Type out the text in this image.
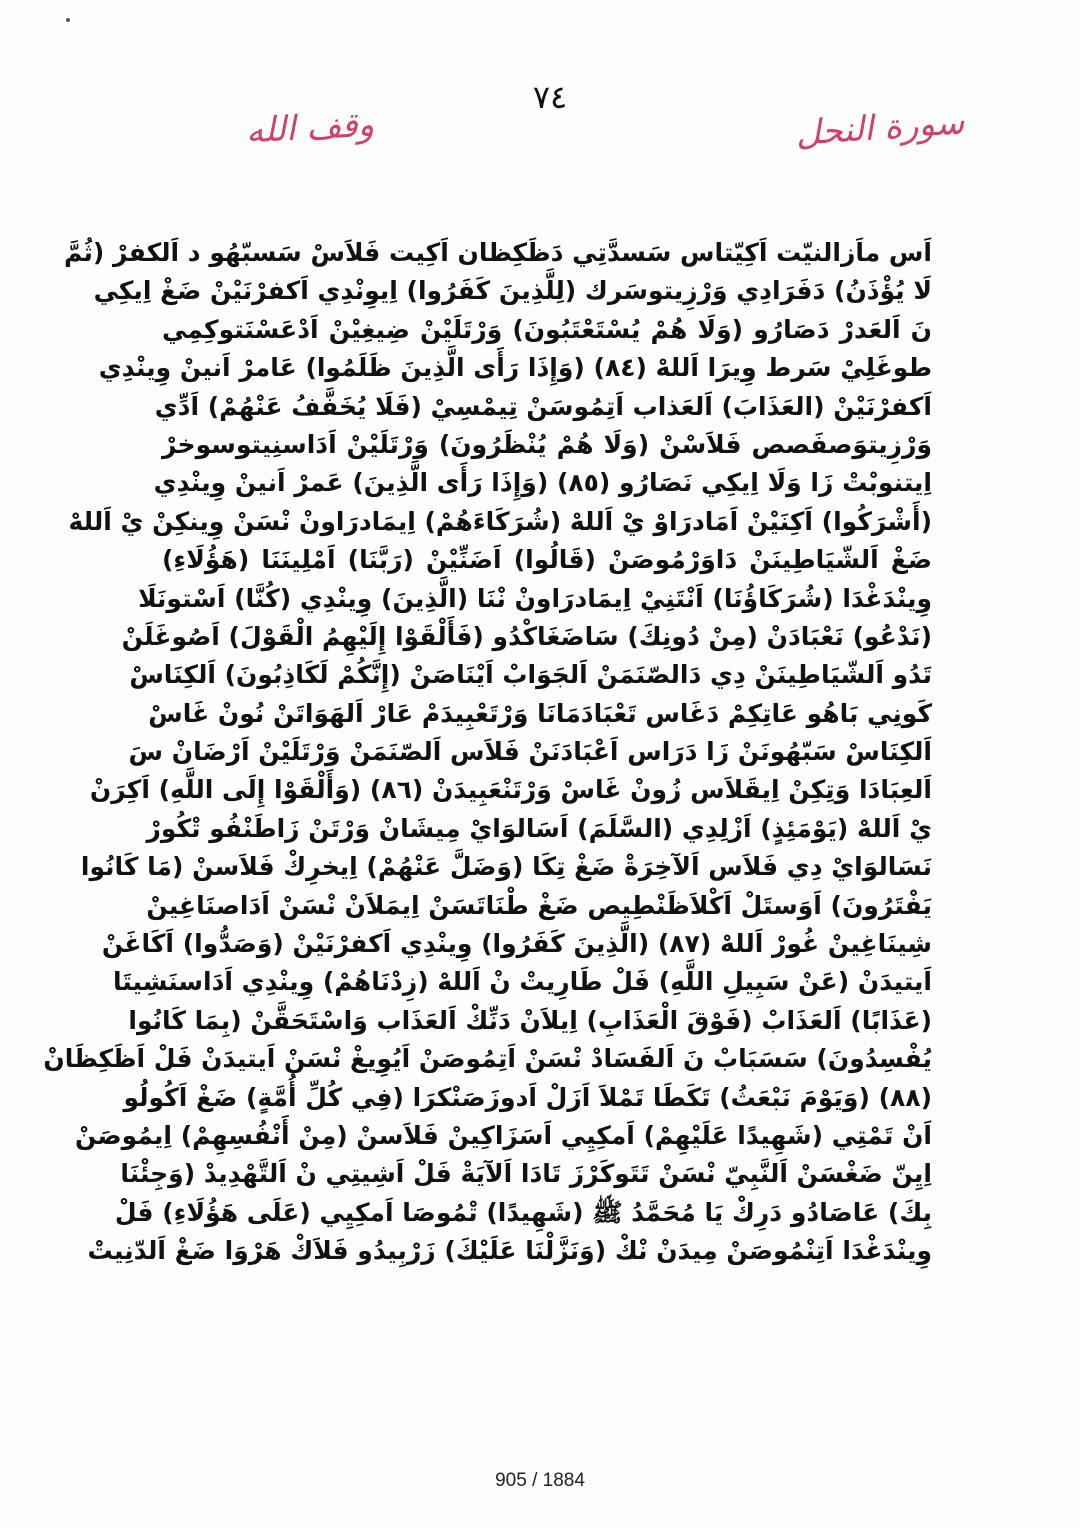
٧٤
سورة النحل
وقف الله
اَس ماَزالنيّت اَكِيّتاس سَسدَّتِي دَظَكِظان اَكِيت فَلاَسْ سَسبّهُو د اَلكفرْ (ثُمَّ
لَا يُؤْذَنُ) دَفَرَادِي وَرْزِيتوسَرك (لِلَّذِينَ كَفَرُوا) اِيوِنْدِي اَكفرْنَيْنْ ضَغْ اِيكِي
نَ اَلعَدرْ دَصَارُو (وَلَا هُمْ يُسْتَعْتَبُونَ) وَرْتَلَيْنْ ضِيغِيْنْ اَدْعَسْنَتوكِمِي
طوغَلِيْ سَرط وِيرَا اَللهْ (٨٤) (وَإِذَا رَأَى الَّذِينَ ظَلَمُوا) عَامرْ اَنينْ وِينْدِي
اَكفرْنَيْنْ (العَذَابَ) اَلعَذاب اَتِمُوسَنْ تِيمْسِيْ (فَلَا يُخَفَّفُ عَنْهُمْ) اَدِّي
وَرْزِيتوَصفَصص فَلاَسْنْ (وَلَا هُمْ يُنْظَرُونَ) وَرْتَلَيْنْ اَدَاسنِيتوسوخرْ
اِيتنوبْتْ زَا وَلَا اِيكِي نَصَارُو (٨٥) (وَإِذَا رَأَى الَّذِينَ) عَمرْ اَنينْ وِينْدِي
(أَشْرَكُوا) اَكِنَيْنْ اَمَادرَاوْ يْ اَللهْ (شُرَكَاءَهُمْ) اِيمَادرَاونْ نْسَنْ وِينكِنْ يْ اَللهْ
ضَغْ اَلشّيَاطِينَنْ دَاوَرْمُوصَنْ (قَالُوا) اَضَنِّيْنْ (رَبَّنَا) اَمْلِينَنَا (هَؤُلَاءِ)
وِينْدَغْدَا (شُرَكَاؤُنَا) اَنْتَنِيْ اِيمَادرَاونْ نْنَا (الَّذِينَ) وِينْدِي (كُنَّا) اَسْتونَلَا
(نَدْعُو) نَعْبَادَنْ (مِنْ دُونِكَ) سَاضَغَاكْدُو (فَأَلْقَوْا إِلَيْهِمُ الْقَوْلَ) اَصُوغَلَنْ
تَدُو اَلشّيَاطِينَنْ دِي دَالصّنَمَنْ اَلجَوَابْ اَيْنَاصَنْ (إِنَّكُمْ لَكَاذِبُونَ) اَلكِنَاسْ
كَونِي بَاهُو عَاتِكِمْ دَغَاس تَعْبَادَمَانَا وَرْتَعْبِيدَمْ عَارْ اَلهَوَاتَنْ نُونْ غَاسْ
اَلكِنَاسْ سَبّهُونَنْ زَا دَرَاس اَعْبَادَنَنْ فَلاَس اَلصّنَمَنْ وَرْتَلَيْنْ اَرْضَانْ سَ
اَلعِبَادَا وَتِكِنْ اِيقَلاَس زُونْ غَاسْ وَرْتَنْعَبِيدَنْ (٨٦) (وَأَلْقَوْا إِلَى اللَّهِ) اَكِرَنْ
يْ اَللهْ (يَوْمَئِذٍ) اَزْلِدِي (السَّلَمَ) اَسَالوَايْ مِيشَانْ وَرْتَنْ زَاطَنْفُو تْكُورْ
نَسَالوَايْ دِي فَلاَس اَلآخِرَةْ ضَغْ تِكَا (وَضَلَّ عَنْهُمْ) اِيخرِكْ فَلاَسنْ (مَا كَانُوا
يَفْتَرُونَ) اَوَستَلْ اَكْلاَظَنْطِيص ضَغْ طْنَاتَسَنْ اِيمَلاَنْ نْسَنْ اَدَاصنَاغِينْ
شِينَاغِينْ غُورْ اَللهْ (٨٧) (الَّذِينَ كَفَرُوا) وِينْدِي اَكفرْنَيْنْ (وَصَدُّوا) اَكَاغَنْ
اَيتيدَنْ (عَنْ سَبِيلِ اللَّهِ) فَلْ طَارِيتْ نْ اَللهْ (زِدْنَاهُمْ) وِينْدِي اَدَاسنَشِيتَا
(عَذَابًا) اَلعَذَابْ (فَوْقَ الْعَذَابِ) اِيلاَنْ دَنِّكْ اَلعَذَاب وَاسْتَحَقَّنْ (بِمَا كَانُوا
يُفْسِدُونَ) سَسَبَابْ نَ اَلفَسَادْ نْسَنْ اَتِمُوصَنْ اَيُوِيغْ نْسَنْ اَيتيدَنْ فَلْ اَظَكِظَانْ
(٨٨) (وَيَوْمَ نَبْعَثُ) تَكَطَا تَمْلاَ اَزَلْ اَدوزَصَنْكرَا (فِي كُلِّ أُمَّةٍ) ضَغْ اَكُولُو
اَنْ تَمْتِي (شَهِيدًا عَلَيْهِمْ) اَمكِيِي اَسَزَاكِينْ فَلاَسنْ (مِنْ أَنْفُسِهِمْ) اِيمُوصَنْ
اِيِنّ ضَغْسَنْ اَلنَّبِيّ نْسَنْ تَتَوكَرْزَ تَادَا اَلآيَةْ فَلْ اَشِيتِي نْ اَلتَّهْدِيدْ (وَجِئْنَا
بِكَ) عَاصَادُو دَرِكْ يَا مُحَمَّدُ ﷺ (شَهِيدًا) تْمُوصَا اَمكِيِي (عَلَى هَؤُلَاءِ) فَلْ
وِينْدَغْدَا اَتِنْمُوصَنْ مِيدَنْ نْكْ (وَنَزَّلْنَا عَلَيْكَ) زَرْبِيدُو فَلاَكْ هَرْوَا ضَغْ اَلدّنِيتْ
905 / 1884
